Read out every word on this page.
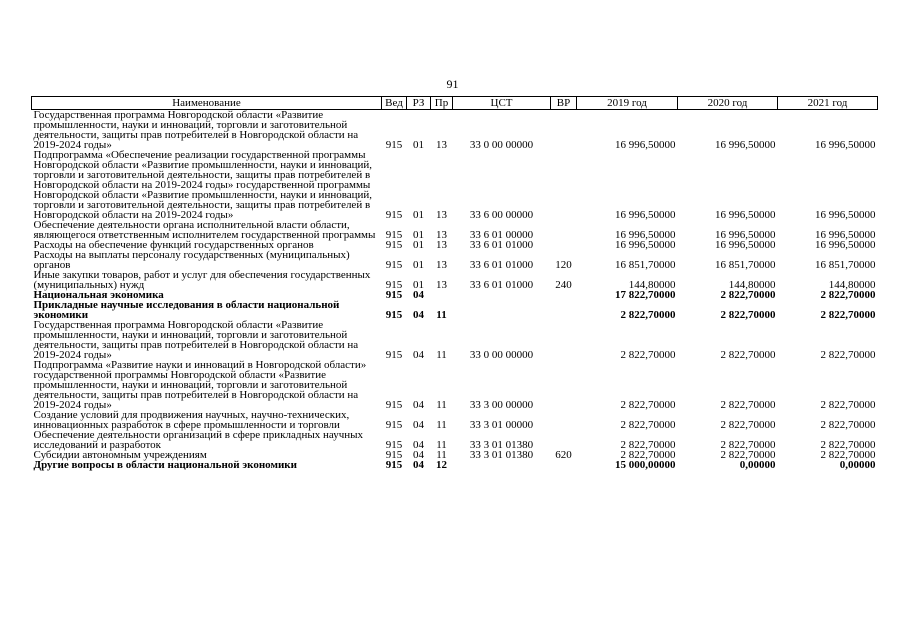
91
Наименование	Вед	РЗ	Пр	ЦСТ	ВР	2019 год	2020 год	2021 год
Государственная программа Новгородской области «Развитие промышленности, науки и инноваций, торговли и заготовительной деятельности, защиты прав потребителей в Новгородской области на 2019-2024 годы»	915	01	13	33 0 00 00000		16 996,50000	16 996,50000	16 996,50000
Подпрограмма «Обеспечение реализации государственной программы Новгородской области «Развитие промышленности, науки и инноваций, торговли и заготовительной деятельности, защиты прав потребителей в Новгородской области на 2019-2024 годы» государственной программы Новгородской области «Развитие промышленности, науки и инноваций, торговли и заготовительной деятельности, защиты прав потребителей в Новгородской области на 2019-2024 годы»	915	01	13	33 6 00 00000		16 996,50000	16 996,50000	16 996,50000
Обеспечение деятельности органа исполнительной власти области, являющегося ответственным исполнителем государственной программы	915	01	13	33 6 01 00000		16 996,50000	16 996,50000	16 996,50000
Расходы на обеспечение функций государственных органов	915	01	13	33 6 01 01000		16 996,50000	16 996,50000	16 996,50000
Расходы на выплаты персоналу государственных (муниципальных) органов	915	01	13	33 6 01 01000	120	16 851,70000	16 851,70000	16 851,70000
Иные закупки товаров, работ и услуг для обеспечения государственных (муниципальных) нужд	915	01	13	33 6 01 01000	240	144,80000	144,80000	144,80000
Национальная экономика	915	04				17 822,70000	2 822,70000	2 822,70000
Прикладные научные исследования в области национальной экономики	915	04	11			2 822,70000	2 822,70000	2 822,70000
Государственная программа Новгородской области «Развитие промышленности, науки и инноваций, торговли и заготовительной деятельности, защиты прав потребителей в Новгородской области на 2019-2024 годы»	915	04	11	33 0 00 00000		2 822,70000	2 822,70000	2 822,70000
Подпрограмма «Развитие науки и инноваций в Новгородской области» государственной программы Новгородской области «Развитие промышленности, науки и инноваций, торговли и заготовительной деятельности, защиты прав потребителей в Новгородской области на 2019-2024 годы»	915	04	11	33 3 00 00000		2 822,70000	2 822,70000	2 822,70000
Создание условий для продвижения научных, научно-технических, инновационных разработок в сфере промышленности и торговли	915	04	11	33 3 01 00000		2 822,70000	2 822,70000	2 822,70000
Обеспечение деятельности организаций в сфере прикладных научных исследований и разработок	915	04	11	33 3 01 01380		2 822,70000	2 822,70000	2 822,70000
Субсидии автономным учреждениям	915	04	11	33 3 01 01380	620	2 822,70000	2 822,70000	2 822,70000
Другие вопросы в области национальной экономики	915	04	12			15 000,00000	0,00000	0,00000
